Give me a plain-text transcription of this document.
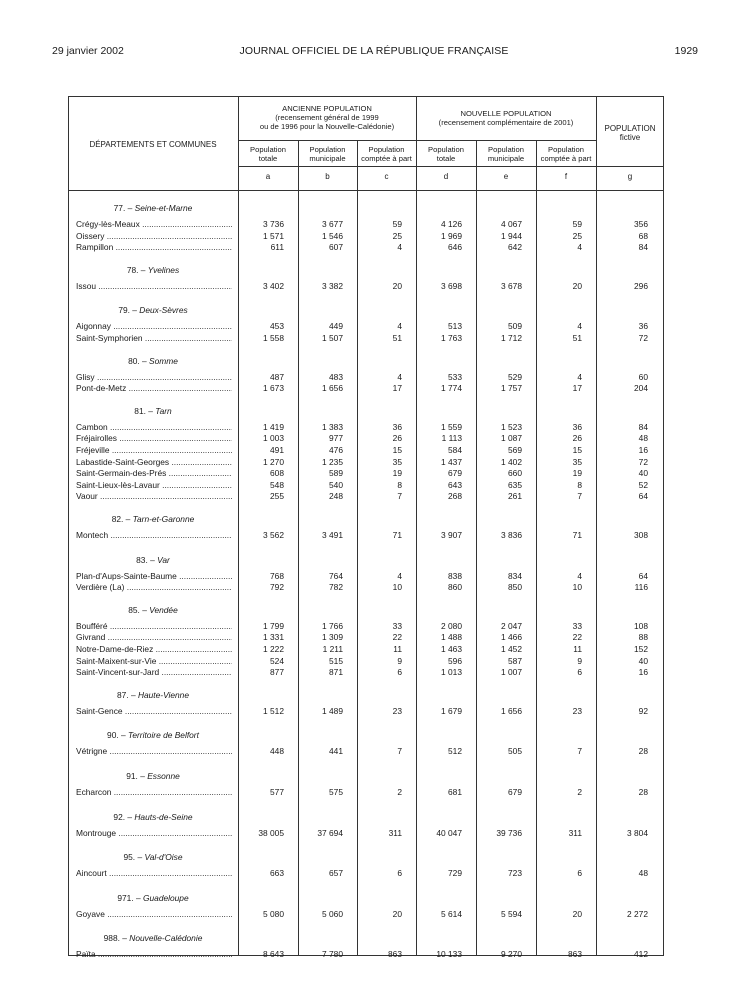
29 janvier 2002	JOURNAL OFFICIEL DE LA RÉPUBLIQUE FRANÇAISE	1929
DÉPARTEMENTS ET COMMUNES
ANCIENNE POPULATION
(recensement général de 1999
ou de 1996 pour la Nouvelle-Calédonie)
NOUVELLE POPULATION
(recensement complémentaire de 2001)
POPULATION
fictive
Population
totale
Population
municipale
Population
comptée à part
Population
totale
Population
municipale
Population
comptée à part
a	b	c	d	e	f	g
77. – Seine-et-Marne
Crégy-lès-Meaux .....	3 736	3 677	59	4 126	4 067	59	356
Oissery .....	1 571	1 546	25	1 969	1 944	25	68
Rampillon .....	611	607	4	646	642	4	84
78. – Yvelines
Issou .....	3 402	3 382	20	3 698	3 678	20	296
79. – Deux-Sèvres
Aigonnay .....	453	449	4	513	509	4	36
Saint-Symphorien .....	1 558	1 507	51	1 763	1 712	51	72
80. – Somme
Glisy .....	487	483	4	533	529	4	60
Pont-de-Metz .....	1 673	1 656	17	1 774	1 757	17	204
81. – Tarn
Cambon .....	1 419	1 383	36	1 559	1 523	36	84
Fréjairolles .....	1 003	977	26	1 113	1 087	26	48
Fréjeville .....	491	476	15	584	569	15	16
Labastide-Saint-Georges .....	1 270	1 235	35	1 437	1 402	35	72
Saint-Germain-des-Prés .....	608	589	19	679	660	19	40
Saint-Lieux-lès-Lavaur .....	548	540	8	643	635	8	52
Vaour .....	255	248	7	268	261	7	64
82. – Tarn-et-Garonne
Montech .....	3 562	3 491	71	3 907	3 836	71	308
83. – Var
Plan-d'Aups-Sainte-Baume .....	768	764	4	838	834	4	64
Verdière (La) .....	792	782	10	860	850	10	116
85. – Vendée
Boufféré .....	1 799	1 766	33	2 080	2 047	33	108
Givrand .....	1 331	1 309	22	1 488	1 466	22	88
Notre-Dame-de-Riez .....	1 222	1 211	11	1 463	1 452	11	152
Saint-Maixent-sur-Vie .....	524	515	9	596	587	9	40
Saint-Vincent-sur-Jard .....	877	871	6	1 013	1 007	6	16
87. – Haute-Vienne
Saint-Gence .....	1 512	1 489	23	1 679	1 656	23	92
90. – Territoire de Belfort
Vétrigne .....	448	441	7	512	505	7	28
91. – Essonne
Echarcon .....	577	575	2	681	679	2	28
92. – Hauts-de-Seine
Montrouge .....	38 005	37 694	311	40 047	39 736	311	3 804
95. – Val-d'Oise
Aincourt .....	663	657	6	729	723	6	48
971. – Guadeloupe
Goyave .....	5 080	5 060	20	5 614	5 594	20	2 272
988. – Nouvelle-Calédonie
Païta .....	8 643	7 780	863	10 133	9 270	863	412
